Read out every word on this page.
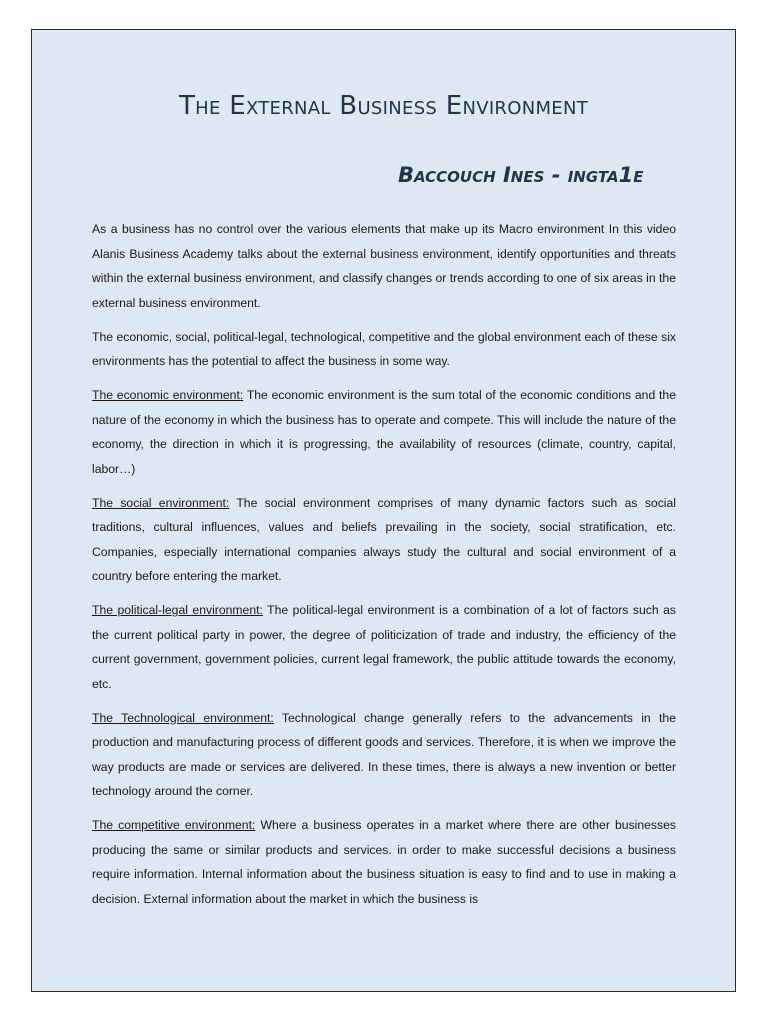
The External Business Environment
Baccouch Ines - ingta1e

As a business has no control over the various elements that make up its Macro environment In this video Alanis Business Academy talks about the external business environment, identify opportunities and threats within the external business environment, and classify changes or trends according to one of six areas in the external business environment.

The economic, social, political-legal, technological, competitive and the global environment each of these six environments has the potential to affect the business in some way.

The economic environment: The economic environment is the sum total of the economic conditions and the nature of the economy in which the business has to operate and compete. This will include the nature of the economy, the direction in which it is progressing, the availability of resources (climate, country, capital, labor…)

The social environment: The social environment comprises of many dynamic factors such as social traditions, cultural influences, values and beliefs prevailing in the society, social stratification, etc. Companies, especially international companies always study the cultural and social environment of a country before entering the market.

The political-legal environment: The political-legal environment is a combination of a lot of factors such as the current political party in power, the degree of politicization of trade and industry, the efficiency of the current government, government policies, current legal framework, the public attitude towards the economy, etc.

The Technological environment: Technological change generally refers to the advancements in the production and manufacturing process of different goods and services. Therefore, it is when we improve the way products are made or services are delivered. In these times, there is always a new invention or better technology around the corner.

The competitive environment: Where a business operates in a market where there are other businesses producing the same or similar products and services. in order to make successful decisions a business require information. Internal information about the business situation is easy to find and to use in making a decision. External information about the market in which the business is
